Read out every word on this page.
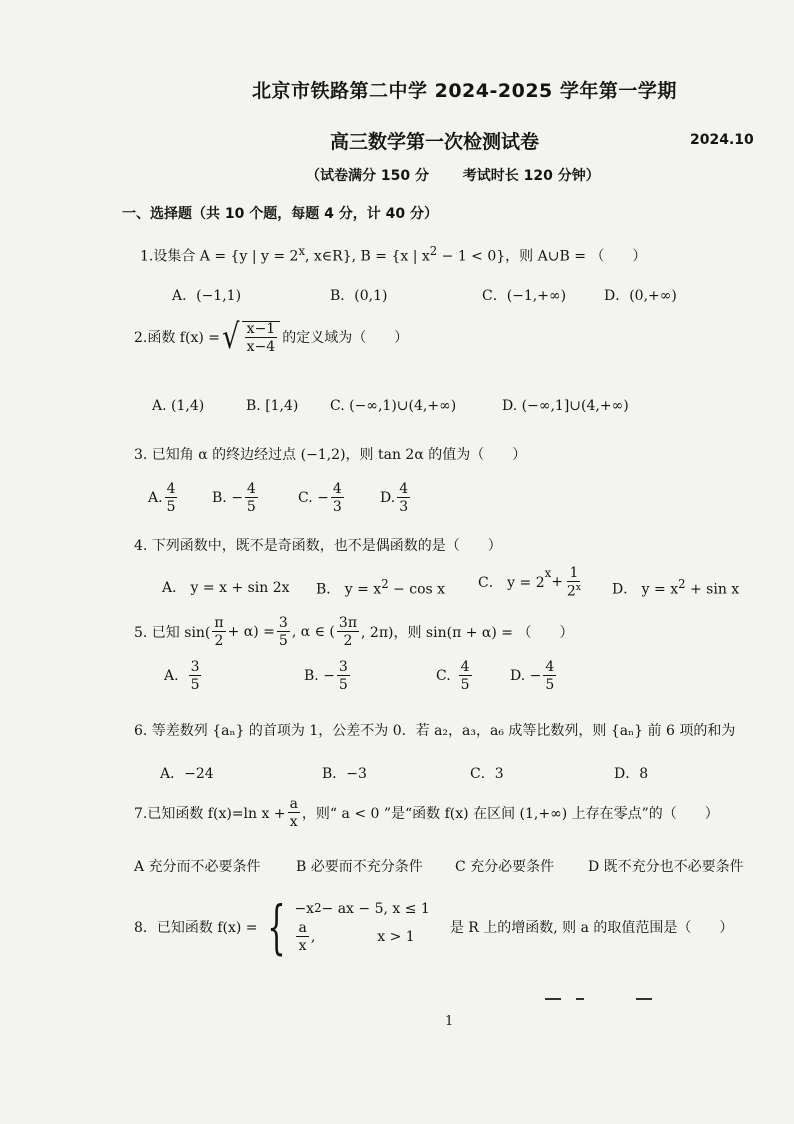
北京市铁路第二中学 2024-2025 学年第一学期
高三数学第一次检测试卷	2024.10
（试卷满分 150 分 考试时长 120 分钟）
一、选择题（共 10 个题，每题 4 分，计 40 分）
1.设集合 A = {y | $y = 2^x$, x∈R}, B = {x | $x^2 - 1 < 0$}，则 A∪B = （　　）
A．(−1,1)	B．(0,1)	C．(−1,+∞)	D．(0,+∞)
2.函数 f(x) = √ $\frac{x-1}{x-4}$ 的定义域为（　　）
A. (1,4)	B. [1,4) C. (−∞,1)∪(4,+∞)	D. (−∞,1]∪(4,+∞)
3. 已知角 α 的终边经过点 (−1,2)，则 tan 2α 的值为（　　）
A. $\frac{4}{5} B$. − $\frac{4}{5}$	C. − $\frac{4}{3}$	D. $\frac{4}{3}$
4. 下列函数中，既不是奇函数，也不是偶函数的是（　　）
A． y = x + sin 2x B． $y = x^2 - \cos x$ C． y = 2
$^x$
+ $\frac{1}{2^x}$ D． $y = x^2 + \sin x$
5. 已知 $\sin( \frac{\pi}{2} + \alpha) = \frac{3}{5}$ , α ∈ ( $\frac{3\pi}{2}$ , 2π)，则 sin(π + α) = （　　）
A. $\frac{3}{5}$	B. − $\frac{3}{5}$	C. $\frac{4}{5}$	D. − $\frac{4}{5}$
6. 等差数列 {aₙ} 的首项为 1，公差不为 0．若 a₂，a₃，a₆ 成等比数列，则 {aₙ} 前 6 项的和为
A．−24	B．−3	C．3	D．8
7.已知函数 f(x)=ln $x + \frac{a}{x}$ ，则“ a < 0 ”是“函数 f(x) 在区间 (1,+∞) 上存在零点”的（　　）
A 充分而不必要条件	B 必要而不充分条件 C 充分必要条件 D 既不充分也不必要条件
8．已知函数 f(x) = { −x 2 − ax − 5, x ≤ 1
$\frac{a}{x}$ ,	x > 1
是 R 上的增函数, 则 a 的取值范围是（　　）
1
